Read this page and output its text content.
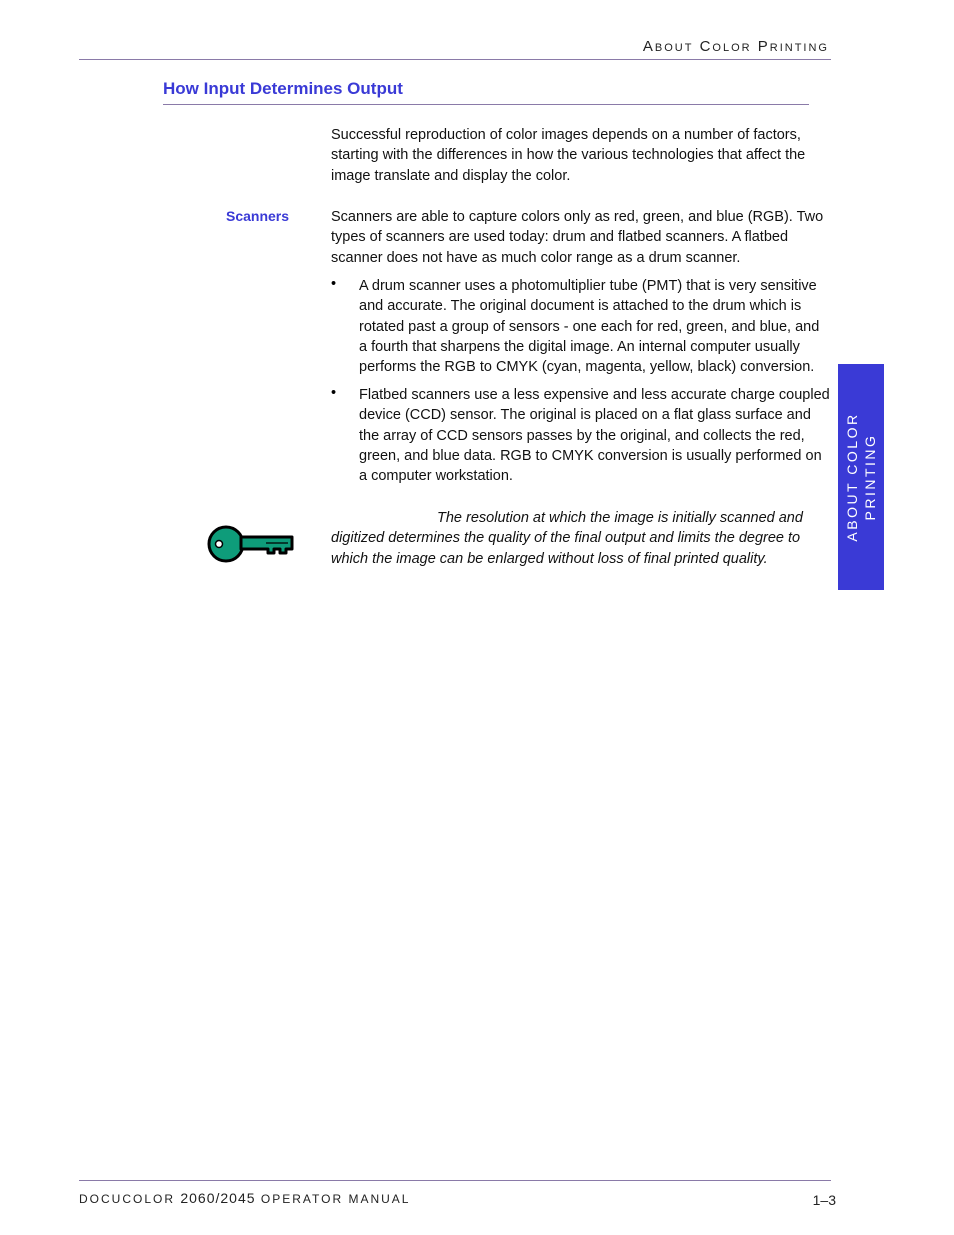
About Color Printing
How Input Determines Output

Successful reproduction of color images depends on a number of factors, starting with the differences in how the various technologies that affect the image translate and display the color.

Scanners	Scanners are able to capture colors only as red, green, and blue (RGB). Two types of scanners are used today: drum and flatbed scanners. A flatbed scanner does not have as much color range as a drum scanner.

• A drum scanner uses a photomultiplier tube (PMT) that is very sensitive and accurate. The original document is attached to the drum which is rotated past a group of sensors - one each for red, green, and blue, and a fourth that sharpens the digital image. An internal computer usually performs the RGB to CMYK (cyan, magenta, yellow, black) conversion.

• Flatbed scanners use a less expensive and less accurate charge coupled device (CCD) sensor. The original is placed on a flat glass surface and the array of CCD sensors passes by the original, and collects the red, green, and blue data. RGB to CMYK conversion is usually performed on a computer workstation.

The resolution at which the image is initially scanned and digitized determines the quality of the final output and limits the degree to which the image can be enlarged without loss of final printed quality.

ABOUT COLOR PRINTING
DOCUCOLOR 2060/2045 OPERATOR MANUAL	1–3
